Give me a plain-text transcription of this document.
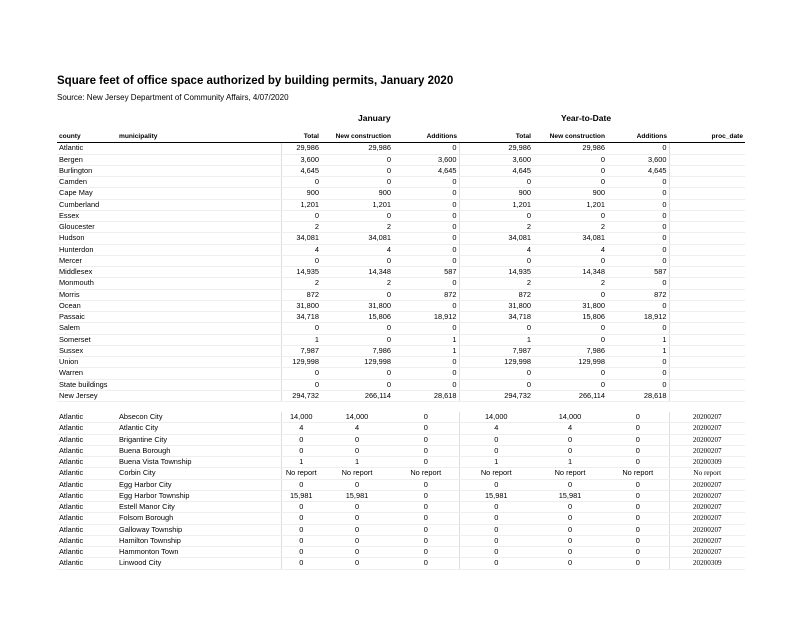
Square feet of office space authorized by building permits, January 2020
Source: New Jersey Department of Community Affairs, 4/07/2020
January	Year-to-Date
county	municipality	Total	New construction	Additions	Total	New construction	Additions	proc_date
Atlantic		29,986	29,986	0	29,986	29,986	0	
Bergen		3,600	0	3,600	3,600	0	3,600	
Burlington		4,645	0	4,645	4,645	0	4,645	
Camden		0	0	0	0	0	0	
Cape May		900	900	0	900	900	0	
Cumberland		1,201	1,201	0	1,201	1,201	0	
Essex		0	0	0	0	0	0	
Gloucester		2	2	0	2	2	0	
Hudson		34,081	34,081	0	34,081	34,081	0	
Hunterdon		4	4	0	4	4	0	
Mercer		0	0	0	0	0	0	
Middlesex		14,935	14,348	587	14,935	14,348	587	
Monmouth		2	2	0	2	2	0	
Morris		872	0	872	872	0	872	
Ocean		31,800	31,800	0	31,800	31,800	0	
Passaic		34,718	15,806	18,912	34,718	15,806	18,912	
Salem		0	0	0	0	0	0	
Somerset		1	0	1	1	0	1	
Sussex		7,987	7,986	1	7,987	7,986	1	
Union		129,998	129,998	0	129,998	129,998	0	
Warren		0	0	0	0	0	0	
State buildings		0	0	0	0	0	0	
New Jersey		294,732	266,114	28,618	294,732	266,114	28,618	

Atlantic	Absecon City	14,000	14,000	0	14,000	14,000	0	20200207
Atlantic	Atlantic City	4	4	0	4	4	0	20200207
Atlantic	Brigantine City	0	0	0	0	0	0	20200207
Atlantic	Buena Borough	0	0	0	0	0	0	20200207
Atlantic	Buena Vista Township	1	1	0	1	1	0	20200309
Atlantic	Corbin City	No report	No report	No report	No report	No report	No report	No report
Atlantic	Egg Harbor City	0	0	0	0	0	0	20200207
Atlantic	Egg Harbor Township	15,981	15,981	0	15,981	15,981	0	20200207
Atlantic	Estell Manor City	0	0	0	0	0	0	20200207
Atlantic	Folsom Borough	0	0	0	0	0	0	20200207
Atlantic	Galloway Township	0	0	0	0	0	0	20200207
Atlantic	Hamilton Township	0	0	0	0	0	0	20200207
Atlantic	Hammonton Town	0	0	0	0	0	0	20200207
Atlantic	Linwood City	0	0	0	0	0	0	20200309
